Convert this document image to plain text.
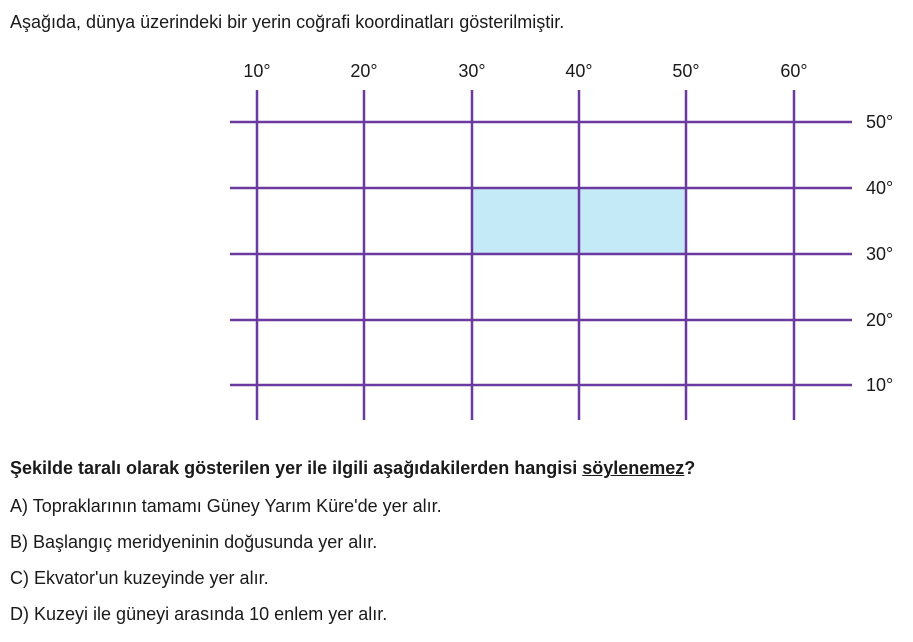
Aşağıda, dünya üzerindeki bir yerin coğrafi koordinatları gösterilmiştir.
10°	20°	30°	40°	50°	60°
50°
40°
30°
20°
10°
Şekilde taralı olarak gösterilen yer ile ilgili aşağıdakilerden hangisi söylenemez?
A) Topraklarının tamamı Güney Yarım Küre'de yer alır.
B) Başlangıç meridyeninin doğusunda yer alır.
C) Ekvator'un kuzeyinde yer alır.
D) Kuzeyi ile güneyi arasında 10 enlem yer alır.
